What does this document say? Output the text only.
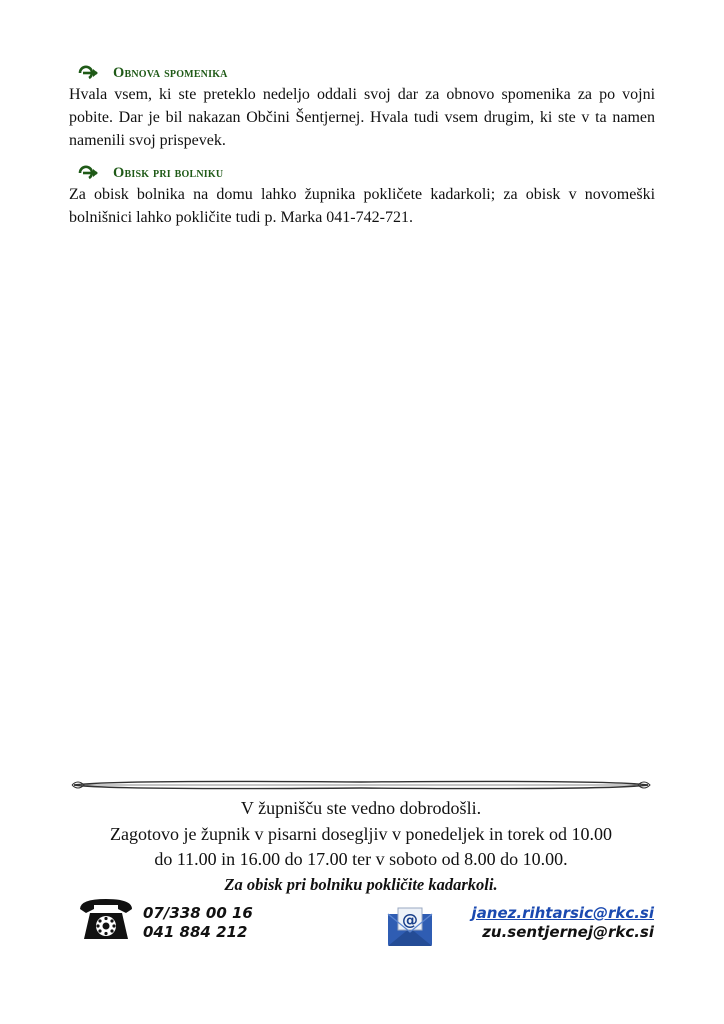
Obnova spomenika

Hvala vsem, ki ste preteklo nedeljo oddali svoj dar za obnovo spomenika za po vojni pobite. Dar je bil nakazan Občini Šentjernej. Hvala tudi vsem drugim, ki ste v ta namen namenili svoj prispevek.

Obisk pri bolniku

Za obisk bolnika na domu lahko župnika pokličete kadarkoli; za obisk v novomeški bolnišnici lahko pokličite tudi p. Marka 041-742-721.

V župnišču ste vedno dobrodošli.

Zagotovo je župnik v pisarni dosegljiv v ponedeljek in torek od 10.00

do 11.00 in 16.00 do 17.00 ter v soboto od 8.00 do 10.00.

Za obisk pri bolniku pokličite kadarkoli.

07/338 00 16
041 884 212
@	janez.rihtarsic@rkc.si
zu.sentjernej@rkc.si
